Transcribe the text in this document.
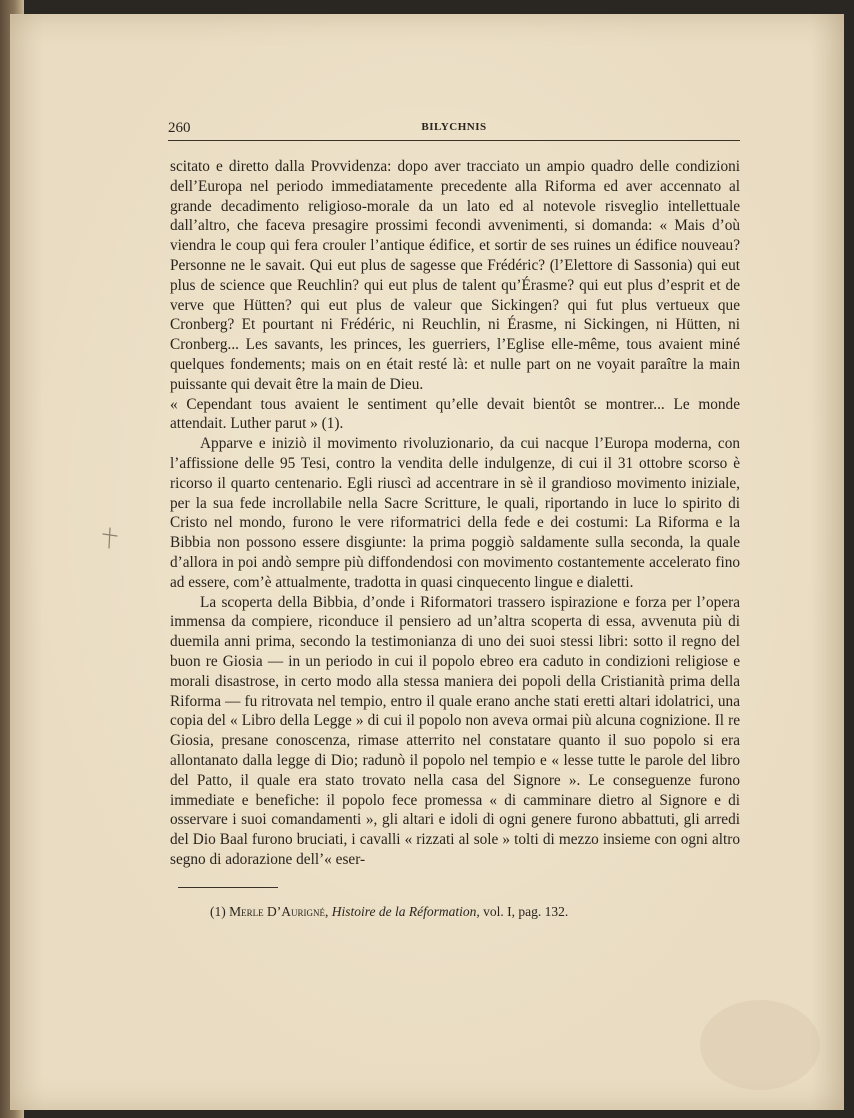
260	BILYCHNIS

scitato e diretto dalla Provvidenza: dopo aver tracciato un ampio quadro delle condizioni dell’Europa nel periodo immediatamente precedente alla Riforma ed aver accennato al grande decadimento religioso-morale da un lato ed al notevole risveglio intellettuale dall’altro, che faceva presagire prossimi fecondi avvenimenti, si domanda: « Mais d’où viendra le coup qui fera crouler l’antique édifice, et sortir de ses ruines un édifice nouveau? Personne ne le savait. Qui eut plus de sagesse que Frédéric? (l’Elettore di Sassonia) qui eut plus de science que Reuchlin? qui eut plus de talent qu’Érasme? qui eut plus d’esprit et de verve que Hütten? qui eut plus de valeur que Sickingen? qui fut plus vertueux que Cronberg? Et pourtant ni Frédéric, ni Reuchlin, ni Érasme, ni Sickingen, ni Hütten, ni Cronberg... Les savants, les princes, les guerriers, l’Eglise elle-même, tous avaient miné quelques fondements; mais on en était resté là: et nulle part on ne voyait paraître la main puissante qui devait être la main de Dieu.

« Cependant tous avaient le sentiment qu’elle devait bientôt se montrer... Le monde attendait. Luther parut » (1).

Apparve e iniziò il movimento rivoluzionario, da cui nacque l’Europa moderna, con l’affissione delle 95 Tesi, contro la vendita delle indulgenze, di cui il 31 ottobre scorso è ricorso il quarto centenario. Egli riuscì ad accentrare in sè il grandioso movimento iniziale, per la sua fede incrollabile nella Sacre Scritture, le quali, riportando in luce lo spirito di Cristo nel mondo, furono le vere riformatrici della fede e dei costumi: La Riforma e la Bibbia non possono essere disgiunte: la prima poggiò saldamente sulla seconda, la quale d’allora in poi andò sempre più diffondendosi con movimento costantemente accelerato fino ad essere, com’è attualmente, tradotta in quasi cinquecento lingue e dialetti.

La scoperta della Bibbia, d’onde i Riformatori trassero ispirazione e forza per l’opera immensa da compiere, riconduce il pensiero ad un’altra scoperta di essa, avvenuta più di duemila anni prima, secondo la testimonianza di uno dei suoi stessi libri: sotto il regno del buon re Giosia — in un periodo in cui il popolo ebreo era caduto in condizioni religiose e morali disastrose, in certo modo alla stessa maniera dei popoli della Cristianità prima della Riforma — fu ritrovata nel tempio, entro il quale erano anche stati eretti altari idolatrici, una copia del « Libro della Legge » di cui il popolo non aveva ormai più alcuna cognizione. Il re Giosia, presane conoscenza, rimase atterrito nel constatare quanto il suo popolo si era allontanato dalla legge di Dio; radunò il popolo nel tempio e « lesse tutte le parole del libro del Patto, il quale era stato trovato nella casa del Signore ». Le conseguenze furono immediate e benefiche: il popolo fece promessa « di camminare dietro al Signore e di osservare i suoi comandamenti », gli altari e idoli di ogni genere furono abbattuti, gli arredi del Dio Baal furono bruciati, i cavalli « rizzati al sole » tolti di mezzo insieme con ogni altro segno di adorazione dell’« eser-

(1) Merle D’Aurigné, Histoire de la Réformation, vol. I, pag. 132.
